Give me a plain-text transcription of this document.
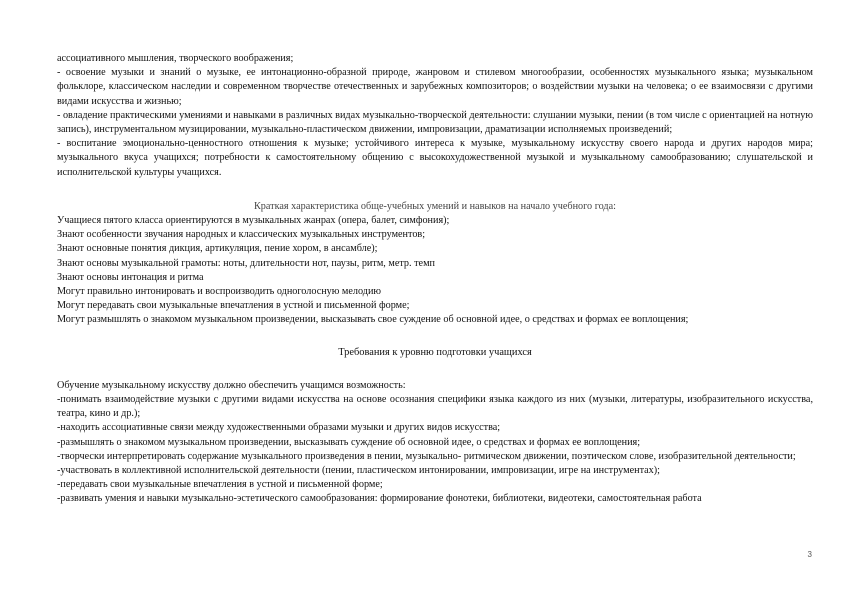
ассоциативного мышления, творческого воображения;

- освоение музыки и знаний о музыке, ее интонационно-образной природе, жанровом и стилевом многообразии, особенностях музыкального языка; музыкальном фольклоре, классическом наследии и современном творчестве отечественных и зарубежных композиторов; о воздействии музыки на человека; о ее взаимосвязи с другими видами искусства и жизнью;

- овладение практическими умениями и навыками в различных видах музыкально-творческой деятельности: слушании музыки, пении (в том числе с ориентацией на нотную запись), инструментальном музицировании, музыкально-пластическом движении, импровизации, драматизации исполняемых произведений;

- воспитание эмоционально-ценностного отношения к музыке; устойчивого интереса к музыке, музыкальному искусству своего народа и других народов мира; музыкального вкуса учащихся; потребности к самостоятельному общению с высокохудожественной музыкой и музыкальному самообразованию; слушательской и исполнительской культуры учащихся.

Краткая характеристика обще-учебных умений и навыков на начало учебного года:

Учащиеся пятого класса ориентируются в музыкальных жанрах (опера, балет, симфония);

Знают особенности звучания народных и классических музыкальных инструментов;

Знают основные понятия дикция, артикуляция, пение хором, в ансамбле);

Знают основы музыкальной грамоты: ноты, длительности нот, паузы, ритм, метр. темп

Знают основы интонация и ритма

Могут правильно интонировать и воспроизводить одноголосную мелодию

Могут передавать свои музыкальные впечатления в устной и письменной форме;

Могут размышлять о знакомом музыкальном произведении, высказывать свое суждение об основной идее, о средствах и формах ее воплощения;

Требования к уровню подготовки учащихся

Обучение музыкальному искусству должно обеспечить учащимся возможность:

-понимать взаимодействие музыки с другими видами искусства на основе осознания специфики языка каждого из них (музыки, литературы, изобразительного искусства, театра, кино и др.);

-находить ассоциативные связи между художественными образами музыки и других видов искусства;

-размышлять о знакомом музыкальном произведении, высказывать суждение об основной идее, о средствах и формах ее воплощения;

-творчески интерпретировать содержание музыкального произведения в пении, музыкально- ритмическом движении, поэтическом слове, изобразительной деятельности;

-участвовать в коллективной исполнительской деятельности (пении, пластическом интонировании, импровизации, игре на инструментах);

-передавать свои музыкальные впечатления в устной и письменной форме;

-развивать умения и навыки музыкально-эстетического самообразования: формирование фонотеки, библиотеки, видеотеки, самостоятельная работа

3
